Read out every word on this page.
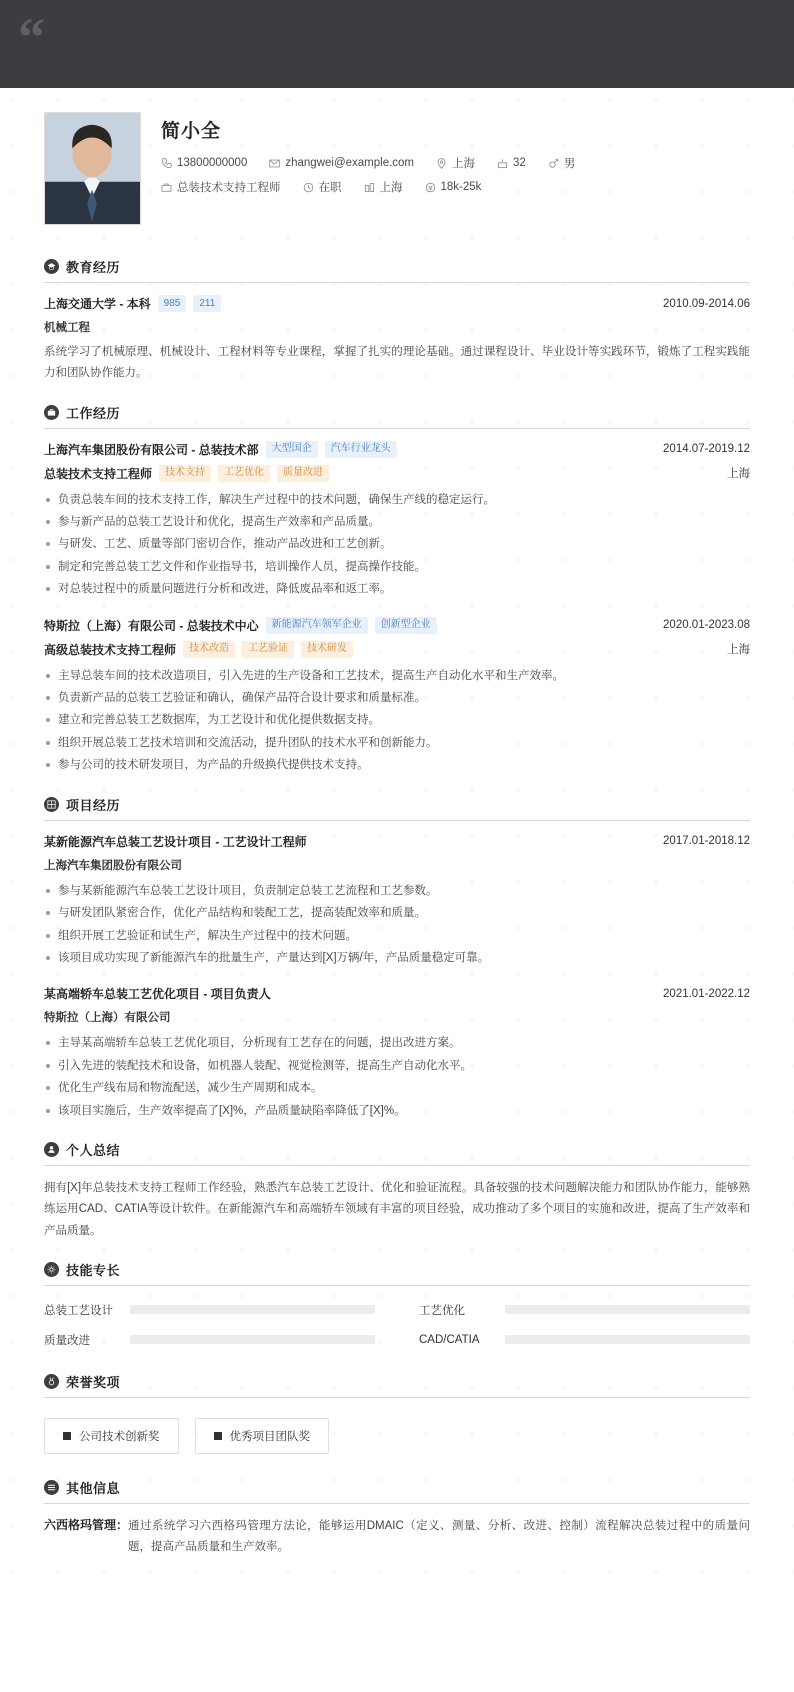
“
简小全
13800000000	zhangwei@example.com	上海	32	男
总装技术支持工程师	在职	上海	18k-25k
教育经历
上海交通大学 - 本科	985	211	2010.09-2014.06
机械工程
系统学习了机械原理、机械设计、工程材料等专业课程，掌握了扎实的理论基础。通过课程设计、毕业设计等实践环节，锻炼了工程实践能力和团队协作能力。
工作经历
上海汽车集团股份有限公司 - 总装技术部	大型国企	汽车行业龙头	2014.07-2019.12
总装技术支持工程师	技术支持	工艺优化	质量改进	上海
负责总装车间的技术支持工作，解决生产过程中的技术问题，确保生产线的稳定运行。
参与新产品的总装工艺设计和优化，提高生产效率和产品质量。
与研发、工艺、质量等部门密切合作，推动产品改进和工艺创新。
制定和完善总装工艺文件和作业指导书，培训操作人员，提高操作技能。
对总装过程中的质量问题进行分析和改进，降低废品率和返工率。
特斯拉（上海）有限公司 - 总装技术中心	新能源汽车领军企业	创新型企业	2020.01-2023.08
高级总装技术支持工程师	技术改造	工艺验证	技术研发	上海
主导总装车间的技术改造项目，引入先进的生产设备和工艺技术，提高生产自动化水平和生产效率。
负责新产品的总装工艺验证和确认，确保产品符合设计要求和质量标准。
建立和完善总装工艺数据库，为工艺设计和优化提供数据支持。
组织开展总装工艺技术培训和交流活动，提升团队的技术水平和创新能力。
参与公司的技术研发项目，为产品的升级换代提供技术支持。
项目经历
某新能源汽车总装工艺设计项目 - 工艺设计工程师	2017.01-2018.12
上海汽车集团股份有限公司
参与某新能源汽车总装工艺设计项目，负责制定总装工艺流程和工艺参数。
与研发团队紧密合作，优化产品结构和装配工艺，提高装配效率和质量。
组织开展工艺验证和试生产，解决生产过程中的技术问题。
该项目成功实现了新能源汽车的批量生产，产量达到[X]万辆/年，产品质量稳定可靠。
某高端轿车总装工艺优化项目 - 项目负责人	2021.01-2022.12
特斯拉（上海）有限公司
主导某高端轿车总装工艺优化项目，分析现有工艺存在的问题，提出改进方案。
引入先进的装配技术和设备，如机器人装配、视觉检测等，提高生产自动化水平。
优化生产线布局和物流配送，减少生产周期和成本。
该项目实施后，生产效率提高了[X]%，产品质量缺陷率降低了[X]%。
个人总结
拥有[X]年总装技术支持工程师工作经验，熟悉汽车总装工艺设计、优化和验证流程。具备较强的技术问题解决能力和团队协作能力，能够熟练运用CAD、CATIA等设计软件。在新能源汽车和高端轿车领域有丰富的项目经验，成功推动了多个项目的实施和改进，提高了生产效率和产品质量。
技能专长
总装工艺设计	工艺优化
质量改进	CAD/CATIA
荣誉奖项
公司技术创新奖	优秀项目团队奖
其他信息
六西格玛管理： 通过系统学习六西格玛管理方法论，能够运用DMAIC（定义、测量、分析、改进、控制）流程解决总装过程中的质量问题，提高产品质量和生产效率。
